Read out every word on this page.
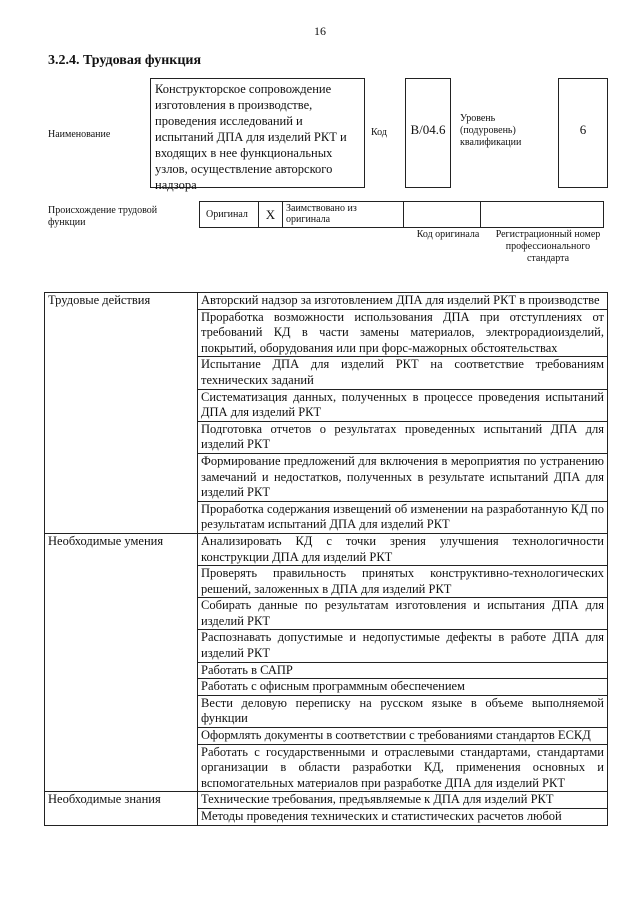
16
3.2.4. Трудовая функция
Наименование
Конструкторское сопровождение изготовления в производстве, проведения исследований и испытаний ДПА для изделий РКТ и входящих в нее функциональных узлов, осуществление авторского надзора
Код	B/04.6
Уровень (подуровень) квалификации
6
Происхождение трудовой функции
Оригинал	X	Заимствовано из оригинала
Код оригинала	Регистрационный номер профессионального стандарта
Трудовые действия	Авторский надзор за изготовлением ДПА для изделий РКТ в производстве
	Проработка возможности использования ДПА при отступлениях от требований КД в части замены материалов, электрорадиоизделий, покрытий, оборудования или при форс-мажорных обстоятельствах
	Испытание ДПА для изделий РКТ на соответствие требованиям технических заданий
	Систематизация данных, полученных в процессе проведения испытаний ДПА для изделий РКТ
	Подготовка отчетов о результатах проведенных испытаний ДПА для изделий РКТ
	Формирование предложений для включения в мероприятия по устранению замечаний и недостатков, полученных в результате испытаний ДПА для изделий РКТ
	Проработка содержания извещений об изменении на разработанную КД по результатам испытаний ДПА для изделий РКТ
Необходимые умения	Анализировать КД с точки зрения улучшения технологичности конструкции ДПА для изделий РКТ
	Проверять правильность принятых конструктивно-технологических решений, заложенных в ДПА для изделий РКТ
	Собирать данные по результатам изготовления и испытания ДПА для изделий РКТ
	Распознавать допустимые и недопустимые дефекты в работе ДПА для изделий РКТ
	Работать в САПР
	Работать с офисным программным обеспечением
	Вести деловую переписку на русском языке в объеме выполняемой функции
	Оформлять документы в соответствии с требованиями стандартов ЕСКД
	Работать с государственными и отраслевыми стандартами, стандартами организации в области разработки КД, применения основных и вспомогательных материалов при разработке ДПА для изделий РКТ
Необходимые знания	Технические требования, предъявляемые к ДПА для изделий РКТ
	Методы проведения технических и статистических расчетов любой
